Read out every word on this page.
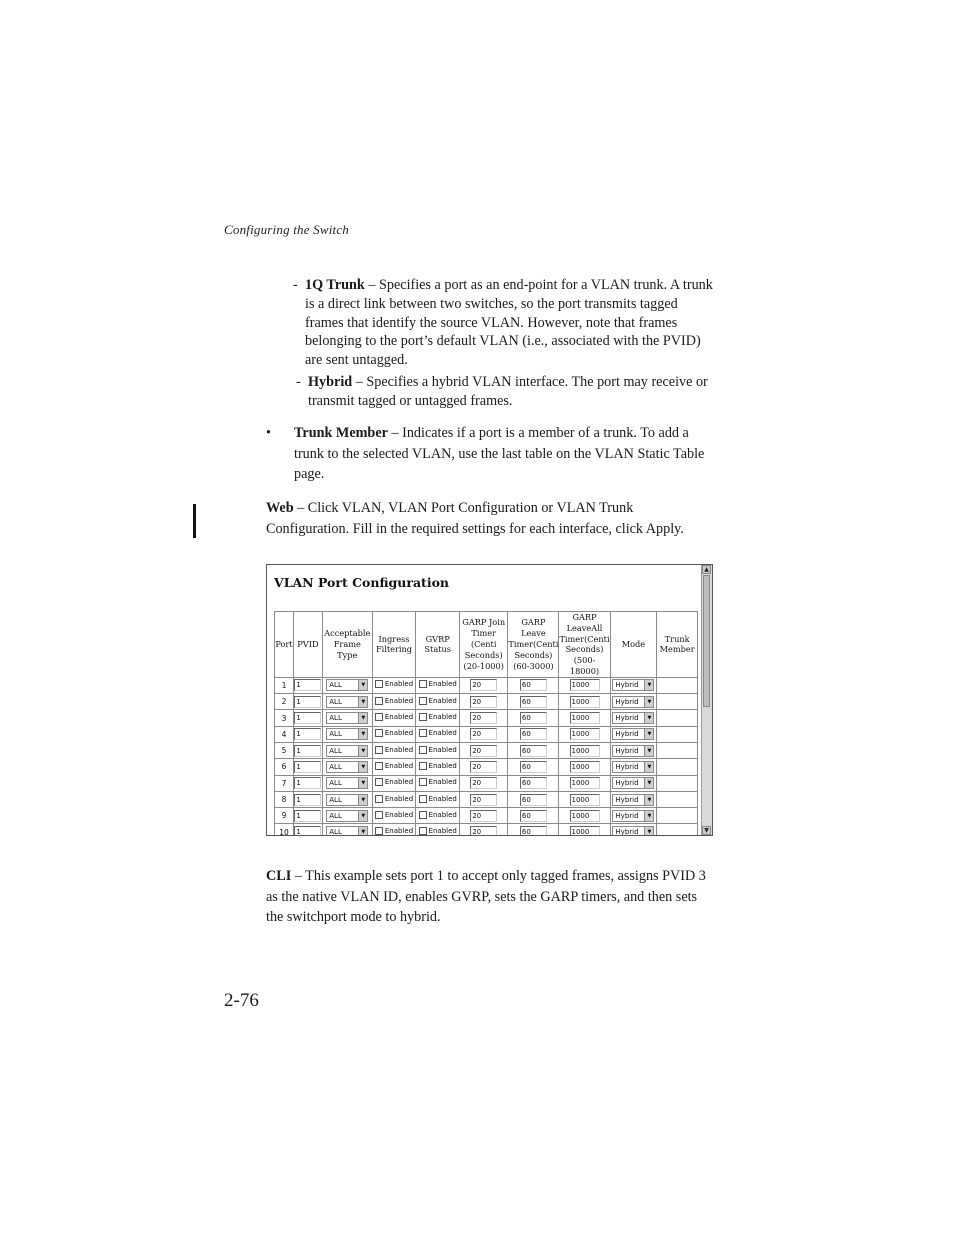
Configuring the Switch
- 1Q Trunk – Specifies a port as an end-point for a VLAN trunk. A trunk is a direct link between two switches, so the port transmits tagged frames that identify the source VLAN. However, note that frames belonging to the port’s default VLAN (i.e., associated with the PVID) are sent untagged.
- Hybrid – Specifies a hybrid VLAN interface. The port may receive or transmit tagged or untagged frames.
• Trunk Member – Indicates if a port is a member of a trunk. To add a trunk to the selected VLAN, use the last table on the VLAN Static Table page.
Web – Click VLAN, VLAN Port Configuration or VLAN Trunk Configuration. Fill in the required settings for each interface, click Apply.
VLAN Port Configuration
▲
▼
Port	PVID	Acceptable Frame Type	Ingress Filtering	GVRP Status	GARP Join Timer (Centi Seconds) (20-1000)	GARP Leave Timer(Centi Seconds) (60-3000)	GARP LeaveAll Timer(Centi Seconds) (500-18000)	Mode	Trunk Member
1	1	ALL ▼	Enabled	Enabled	20	60	1000	Hybrid ▼	

2	1	ALL ▼	Enabled	Enabled	20	60	1000	Hybrid ▼	

3	1	ALL ▼	Enabled	Enabled	20	60	1000	Hybrid ▼	

4	1	ALL ▼	Enabled	Enabled	20	60	1000	Hybrid ▼	

5	1	ALL ▼	Enabled	Enabled	20	60	1000	Hybrid ▼	

6	1	ALL ▼	Enabled	Enabled	20	60	1000	Hybrid ▼	

7	1	ALL ▼	Enabled	Enabled	20	60	1000	Hybrid ▼	

8	1	ALL ▼	Enabled	Enabled	20	60	1000	Hybrid ▼	

9	1	ALL ▼	Enabled	Enabled	20	60	1000	Hybrid ▼	

10	1	ALL ▼	Enabled	Enabled	20	60	1000	Hybrid ▼	

CLI – This example sets port 1 to accept only tagged frames, assigns PVID 3 as the native VLAN ID, enables GVRP, sets the GARP timers, and then sets the switchport mode to hybrid.
2-76
